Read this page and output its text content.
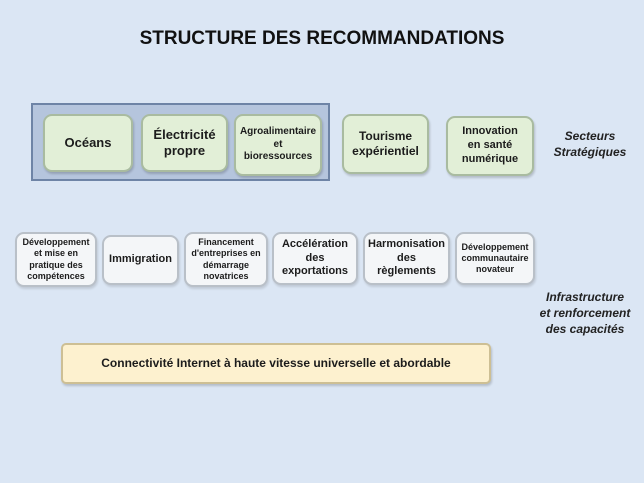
STRUCTURE DES RECOMMANDATIONS
Océans
Électricité propre
Agroalimentaire et bioressources
Tourisme expérientiel
Innovation en santé numérique
Secteurs
Stratégiques
Développement et mise en pratique des compétences
Immigration
Financement d'entreprises en démarrage novatrices
Accélération des exportations
Harmonisation des règlements
Développement communautaire novateur
Infrastructure
et renforcement
des capacités
Connectivité Internet à haute vitesse universelle et abordable
